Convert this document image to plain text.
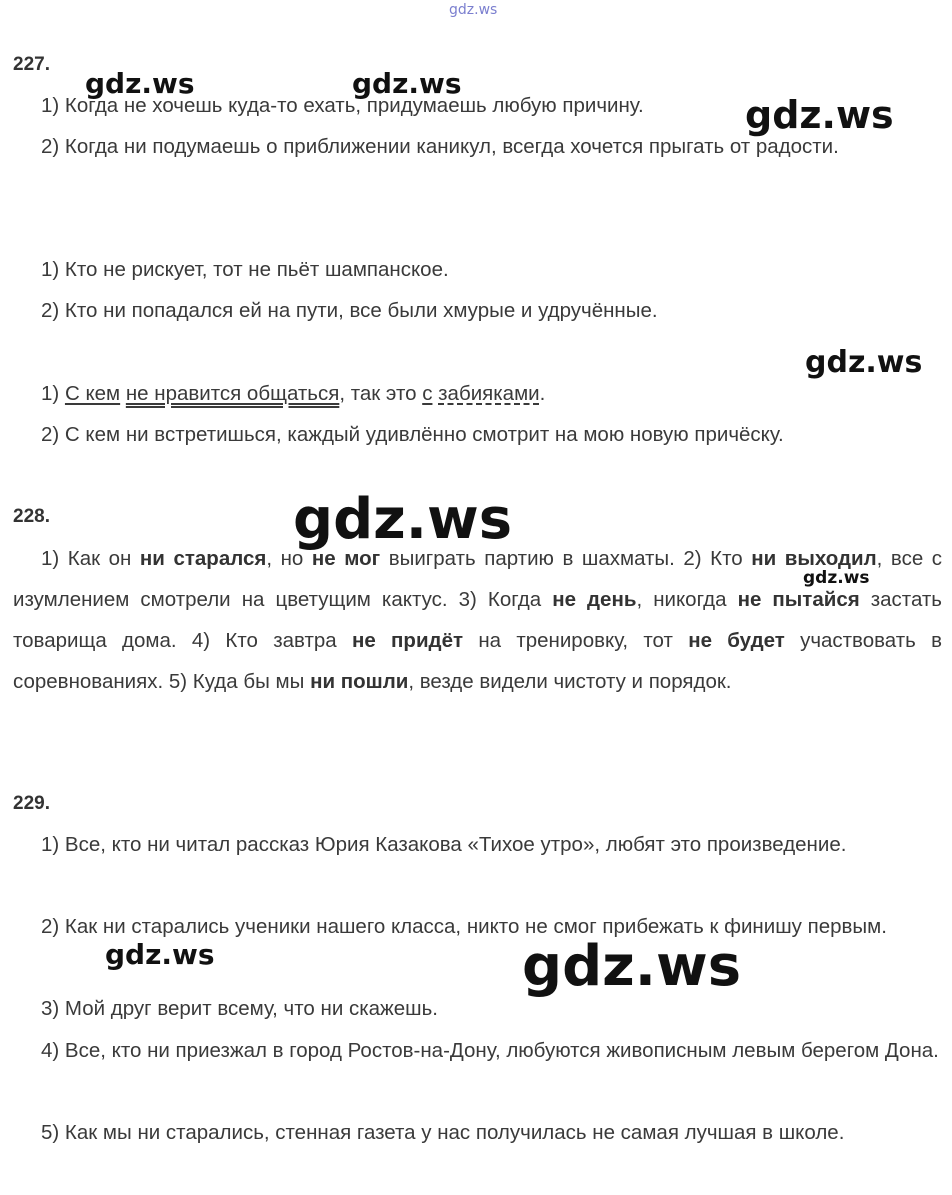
227.
1) Когда не хочешь куда-то ехать, придумаешь любую причину.
2) Когда ни подумаешь о приближении каникул, всегда хочется прыгать от радости.
1) Кто не рискует, тот не пьёт шампанское.
2) Кто ни попадался ей на пути, все были хмурые и удручённые.
1) С кем не нравится общаться, так это с забияками.
2) С кем ни встретишься, каждый удивлённо смотрит на мою новую причёску.
228.
1) Как он ни старался, но не мог выиграть партию в шахматы. 2) Кто ни выходил, все с изумлением смотрели на цветущим кактус. 3) Когда не день, никогда не пытайся застать товарища дома. 4) Кто завтра не придёт на тренировку, тот не будет участвовать в соревнованиях. 5) Куда бы мы ни пошли, везде видели чистоту и порядок.
229.
1) Все, кто ни читал рассказ Юрия Казакова «Тихое утро», любят это произведение.
2) Как ни старались ученики нашего класса, никто не смог прибежать к финишу первым.
3) Мой друг верит всему, что ни скажешь.
4) Все, кто ни приезжал в город Ростов-на-Дону, любуются живописным левым берегом Дона.
5) Как мы ни старались, стенная газета у нас получилась не самая лучшая в школе.
gdz.ws
gdz.ws	gdz.ws
gdz.ws
gdz.ws
gdz.ws
gdz.ws
gdz.ws	gdz.ws
